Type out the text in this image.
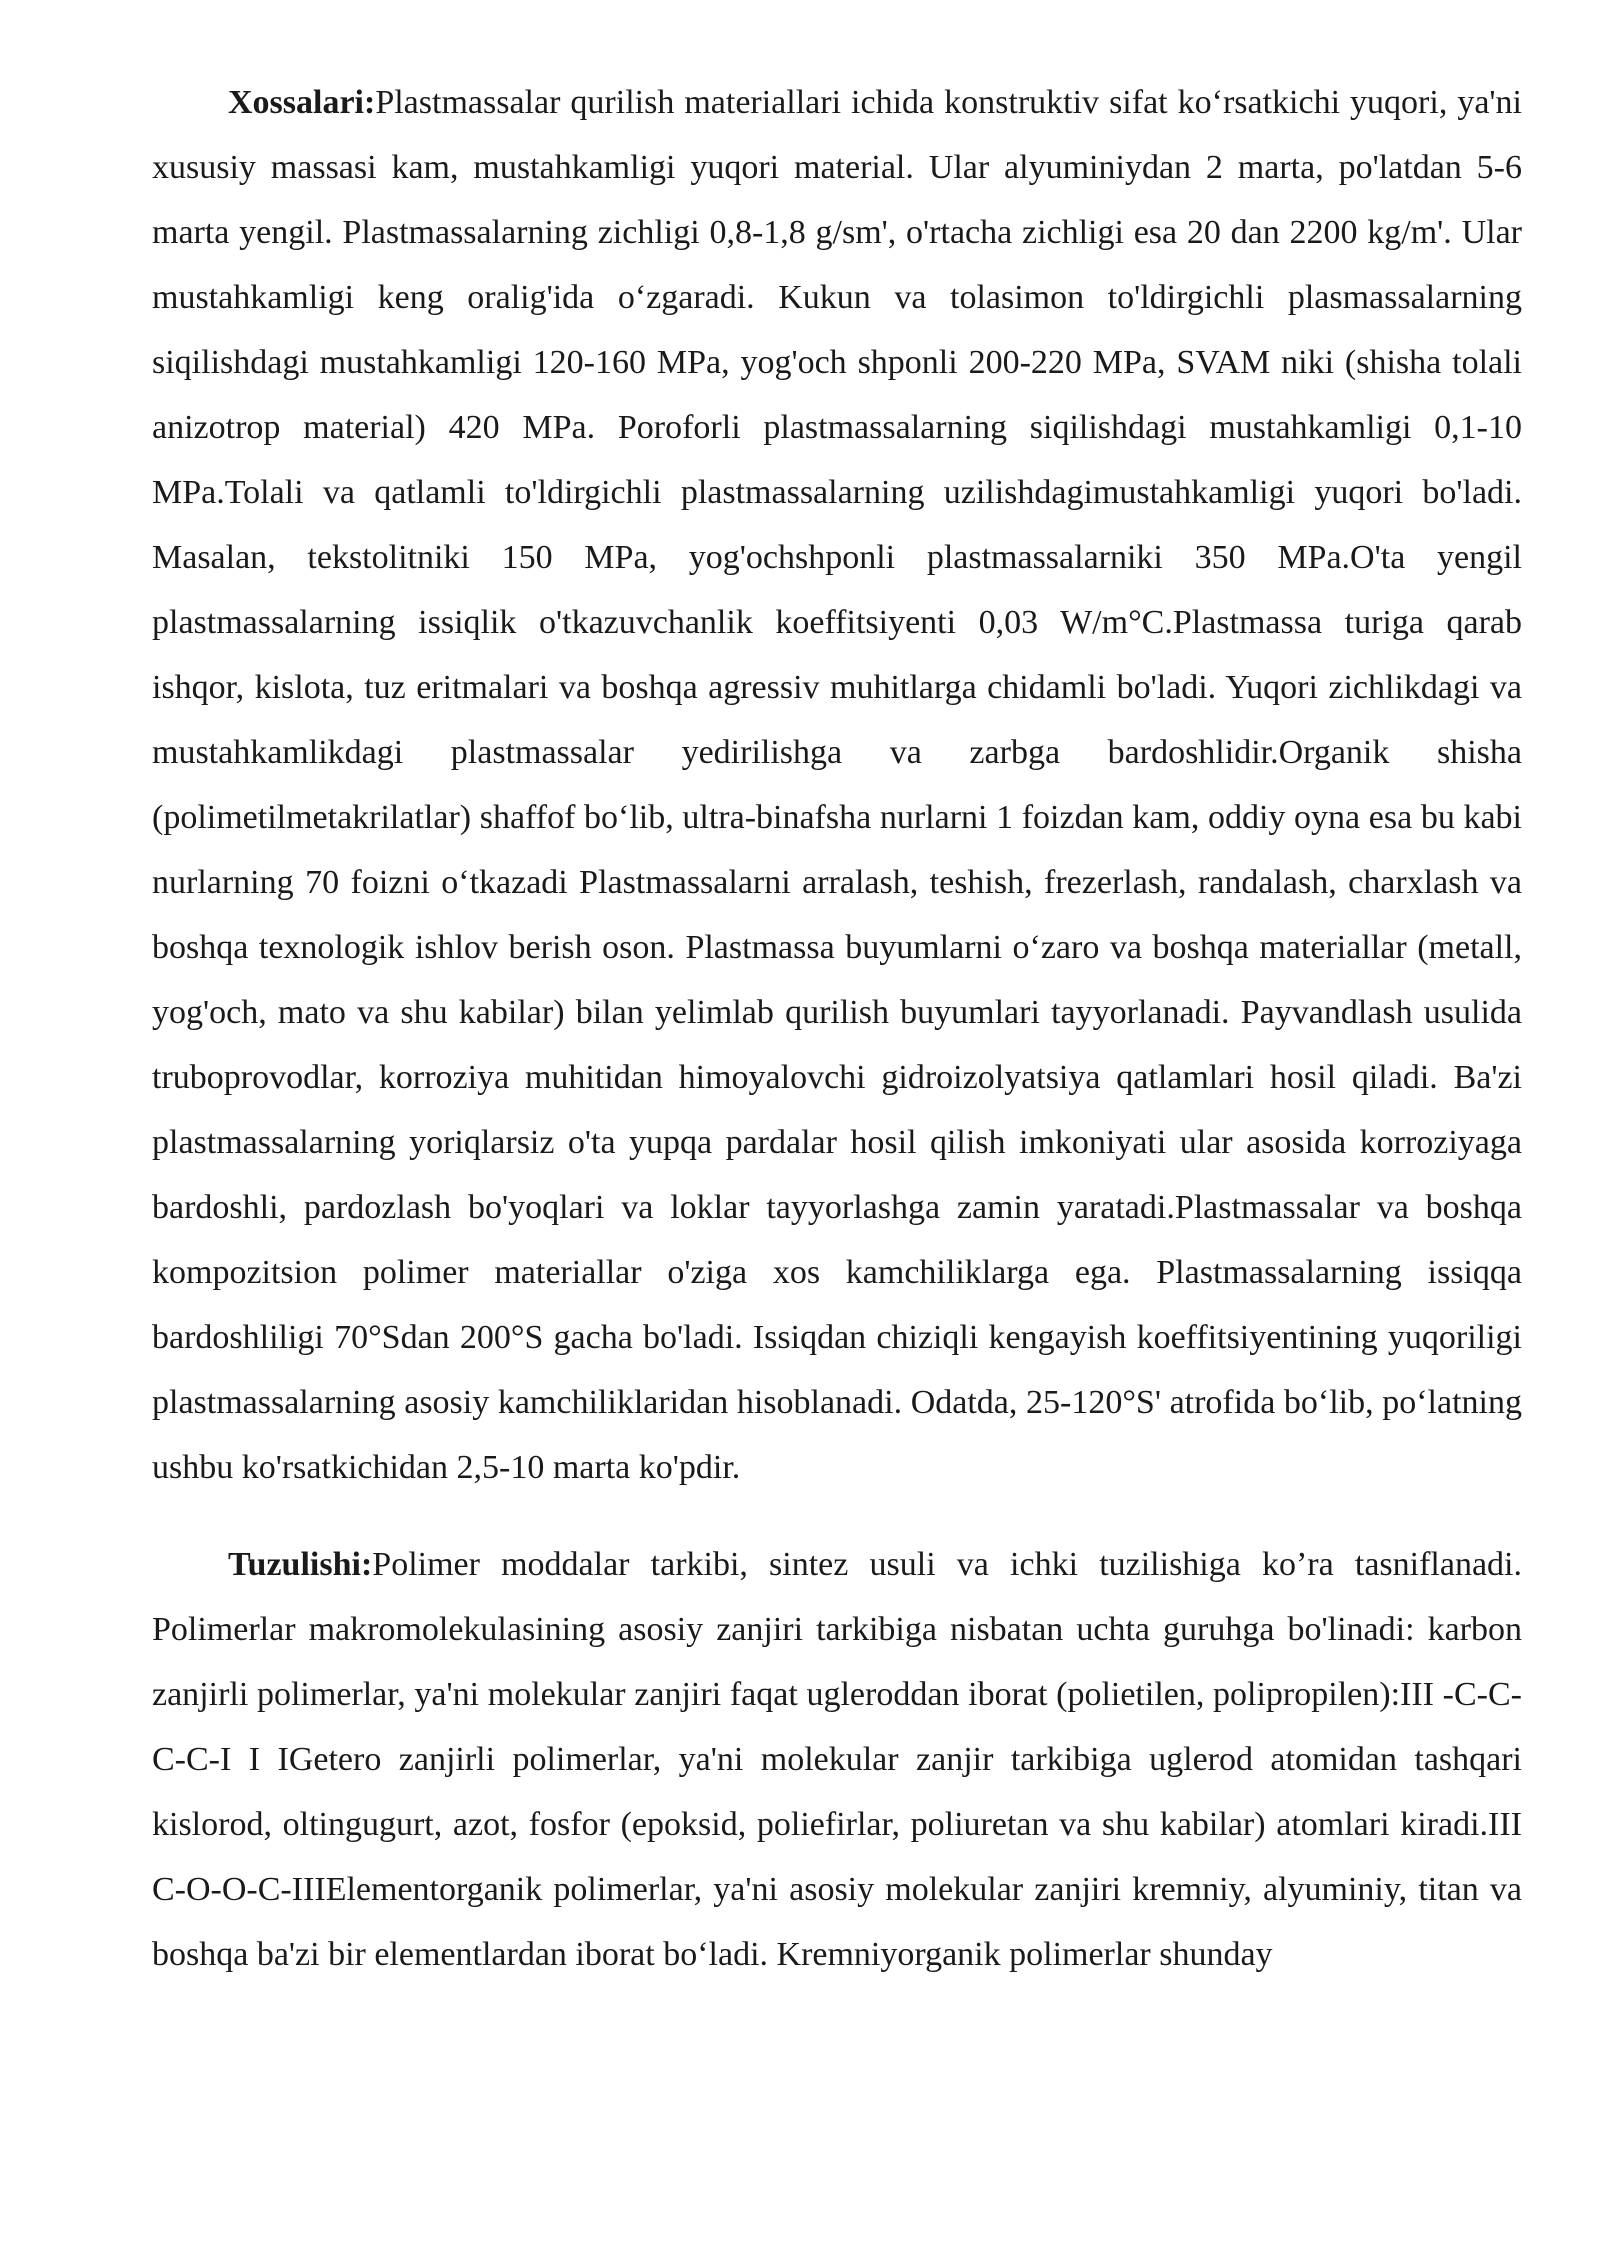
Xossalari:Plastmassalar qurilish materiallari ichida konstruktiv sifat ko‘rsatkichi yuqori, ya'ni xususiy massasi kam, mustahkamligi yuqori material. Ular alyuminiydan 2 marta, po'latdan 5-6 marta yengil. Plastmassalarning zichligi 0,8-1,8 g/sm', o'rtacha zichligi esa 20 dan 2200 kg/m'. Ular mustahkamligi keng oralig'ida o‘zgaradi. Kukun va tolasimon to'ldirgichli plasmassalarning siqilishdagi mustahkamligi 120-160 MPa, yog'och shponli 200-220 MPa, SVAM niki (shisha tolali anizotrop material) 420 MPa. Poroforli plastmassalarning siqilishdagi mustahkamligi 0,1-10 MPa.Tolali va qatlamli to'ldirgichli plastmassalarning uzilishdagimustahkamligi yuqori bo'ladi. Masalan, tekstolitniki 150 MPa, yog'ochshponli plastmassalarniki 350 MPa.O'ta yengil plastmassalarning issiqlik o'tkazuvchanlik koeffitsiyenti 0,03 W/m°C.Plastmassa turiga qarab ishqor, kislota, tuz eritmalari va boshqa agressiv muhitlarga chidamli bo'ladi. Yuqori zichlikdagi va mustahkamlikdagi plastmassalar yedirilishga va zarbga bardoshlidir.Organik shisha (polimetilmetakrilatlar) shaffof bo‘lib, ultra-binafsha nurlarni 1 foizdan kam, oddiy oyna esa bu kabi nurlarning 70 foizni o‘tkazadi Plastmassalarni arralash, teshish, frezerlash, randalash, charxlash va boshqa texnologik ishlov berish oson. Plastmassa buyumlarni o‘zaro va boshqa materiallar (metall, yog'och, mato va shu kabilar) bilan yelimlab qurilish buyumlari tayyorlanadi. Payvandlash usulida truboprovodlar, korroziya muhitidan himoyalovchi gidroizolyatsiya qatlamlari hosil qiladi. Ba'zi plastmassalarning yoriqlarsiz o'ta yupqa pardalar hosil qilish imkoniyati ular asosida korroziyaga bardoshli, pardozlash bo'yoqlari va loklar tayyorlashga zamin yaratadi.Plastmassalar va boshqa kompozitsion polimer materiallar o'ziga xos kamchiliklarga ega. Plastmassalarning issiqqa bardoshliligi 70°Sdan 200°S gacha bo'ladi. Issiqdan chiziqli kengayish koeffitsiyentining yuqoriligi plastmassalarning asosiy kamchiliklaridan hisoblanadi. Odatda, 25-120°S' atrofida bo‘lib, po‘latning ushbu ko'rsatkichidan 2,5-10 marta ko'pdir.

Tuzulishi:Polimer moddalar tarkibi, sintez usuli va ichki tuzilishiga ko’ra tasniflanadi. Polimerlar makromolekulasining asosiy zanjiri tarkibiga nisbatan uchta guruhga bo'linadi: karbon zanjirli polimerlar, ya'ni molekular zanjiri faqat ugleroddan iborat (polietilen, polipropilen):III -C-C-C-C-I I IGetero zanjirli polimerlar, ya'ni molekular zanjir tarkibiga uglerod atomidan tashqari kislorod, oltingugurt, azot, fosfor (epoksid, poliefirlar, poliuretan va shu kabilar) atomlari kiradi.III C-O-O-C-IIIElementorganik polimerlar, ya'ni asosiy molekular zanjiri kremniy, alyuminiy, titan va boshqa ba'zi bir elementlardan iborat bo‘ladi. Kremniyorganik polimerlar shunday
